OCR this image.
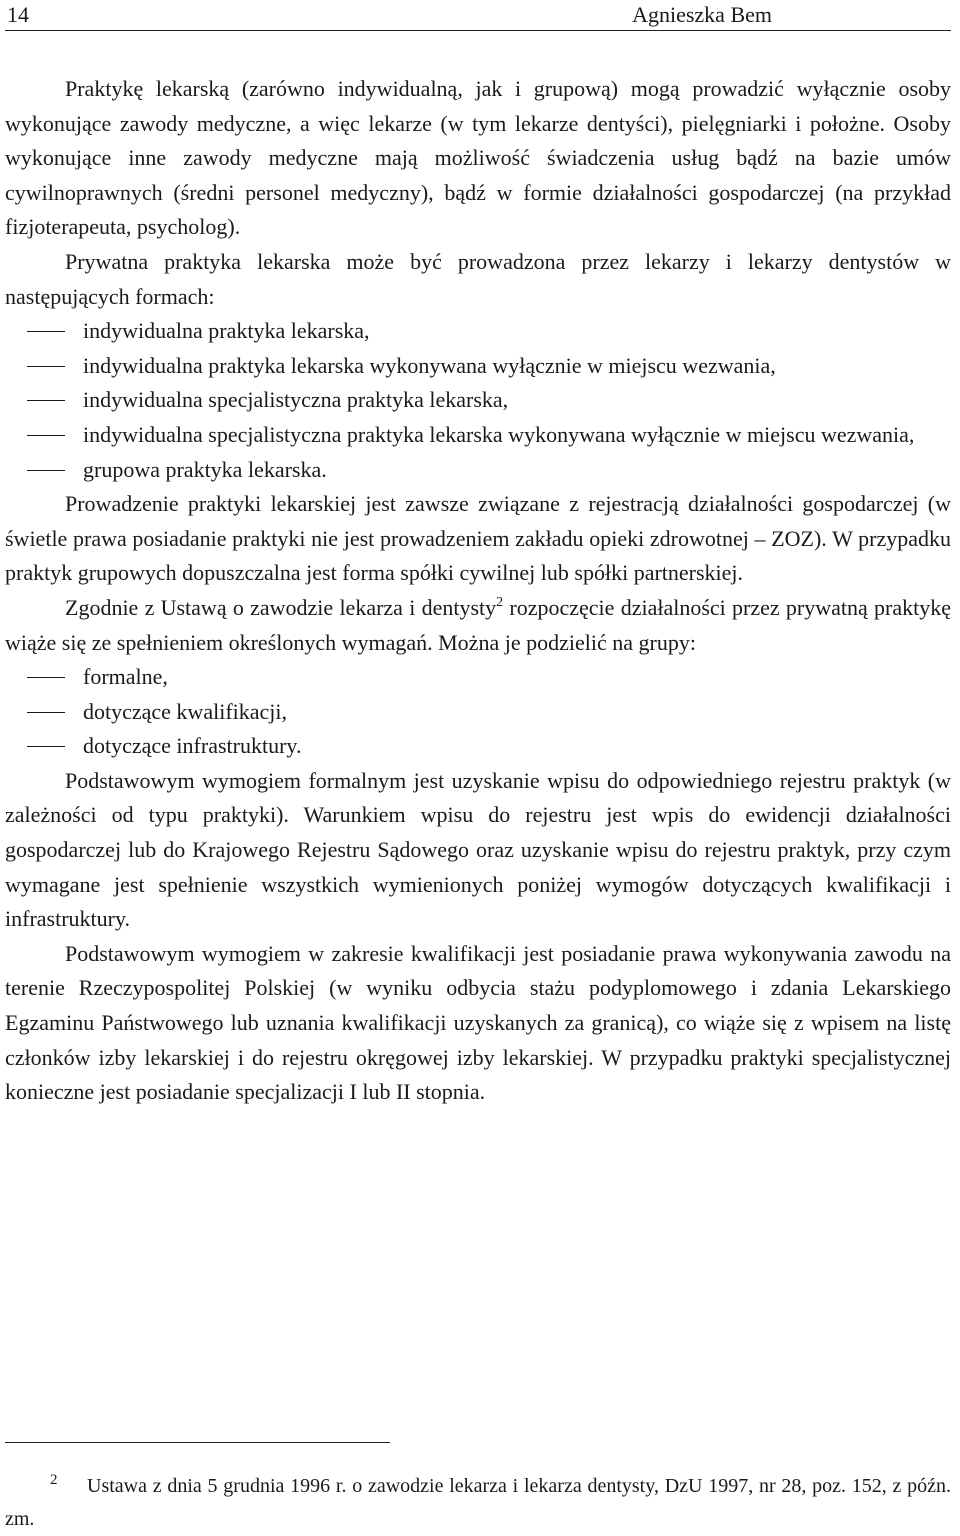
14	Agnieszka Bem

Praktykę lekarską (zarówno indywidualną, jak i grupową) mogą prowadzić wyłącznie osoby wykonujące zawody medyczne, a więc lekarze (w tym lekarze dentyści), pielęgniarki i położne. Osoby wykonujące inne zawody medyczne mają możliwość świadczenia usług bądź na bazie umów cywilnoprawnych (średni personel medyczny), bądź w formie działalności gospodarczej (na przykład fizjoterapeuta, psycholog).

Prywatna praktyka lekarska może być prowadzona przez lekarzy i lekarzy dentystów w następujących formach:

indywidualna praktyka lekarska,
indywidualna praktyka lekarska wykonywana wyłącznie w miejscu wezwania,
indywidualna specjalistyczna praktyka lekarska,
indywidualna specjalistyczna praktyka lekarska wykonywana wyłącznie w miejscu wezwania,
grupowa praktyka lekarska.

Prowadzenie praktyki lekarskiej jest zawsze związane z rejestracją działalności gospodarczej (w świetle prawa posiadanie praktyki nie jest prowadzeniem zakładu opieki zdrowotnej – ZOZ). W przypadku praktyk grupowych dopuszczalna jest forma spółki cywilnej lub spółki partnerskiej.

Zgodnie z Ustawą o zawodzie lekarza i dentysty$^2$ rozpoczęcie działalności przez prywatną praktykę wiąże się ze spełnieniem określonych wymagań. Można je podzielić na grupy:

formalne,
dotyczące kwalifikacji,
dotyczące infrastruktury.

Podstawowym wymogiem formalnym jest uzyskanie wpisu do odpowiedniego rejestru praktyk (w zależności od typu praktyki). Warunkiem wpisu do rejestru jest wpis do ewidencji działalności gospodarczej lub do Krajowego Rejestru Sądowego oraz uzyskanie wpisu do rejestru praktyk, przy czym wymagane jest spełnienie wszystkich wymienionych poniżej wymogów dotyczących kwalifikacji i infrastruktury.

Podstawowym wymogiem w zakresie kwalifikacji jest posiadanie prawa wykonywania zawodu na terenie Rzeczypospolitej Polskiej (w wyniku odbycia stażu podyplomowego i zdania Lekarskiego Egzaminu Państwowego lub uznania kwalifikacji uzyskanych za granicą), co wiąże się z wpisem na listę członków izby lekarskiej i do rejestru okręgowej izby lekarskiej. W przypadku praktyki specjalistycznej konieczne jest posiadanie specjalizacji I lub II stopnia.

2 Ustawa z dnia 5 grudnia 1996 r. o zawodzie lekarza i lekarza dentysty, DzU 1997, nr 28, poz. 152, z późn. zm.
